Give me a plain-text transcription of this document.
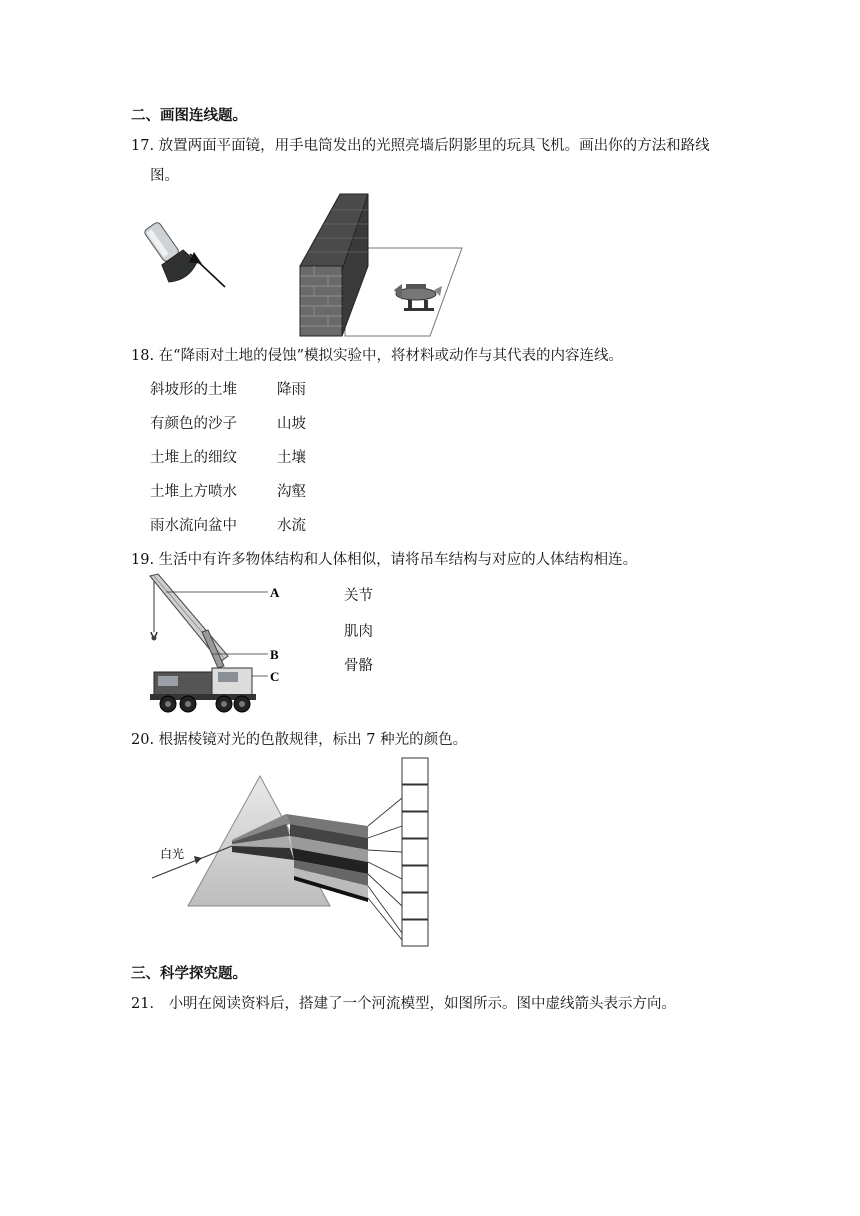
二、画图连线题。
17. 放置两面平面镜，用手电筒发出的光照亮墙后阴影里的玩具飞机。画出你的方法和路线
图。
18. 在“降雨对土地的侵蚀”模拟实验中，将材料或动作与其代表的内容连线。
斜坡形的土堆
有颜色的沙子
土堆上的细纹
土堆上方喷水
雨水流向盆中
降雨
山坡
土壤
沟壑
水流
19. 生活中有许多物体结构和人体相似，请将吊车结构与对应的人体结构相连。
A
B
C
关节
肌肉
骨骼
20. 根据棱镜对光的色散规律，标出 7 种光的颜色。
白光
三、科学探究题。
21． 小明在阅读资料后，搭建了一个河流模型，如图所示。图中虚线箭头表示方向。
